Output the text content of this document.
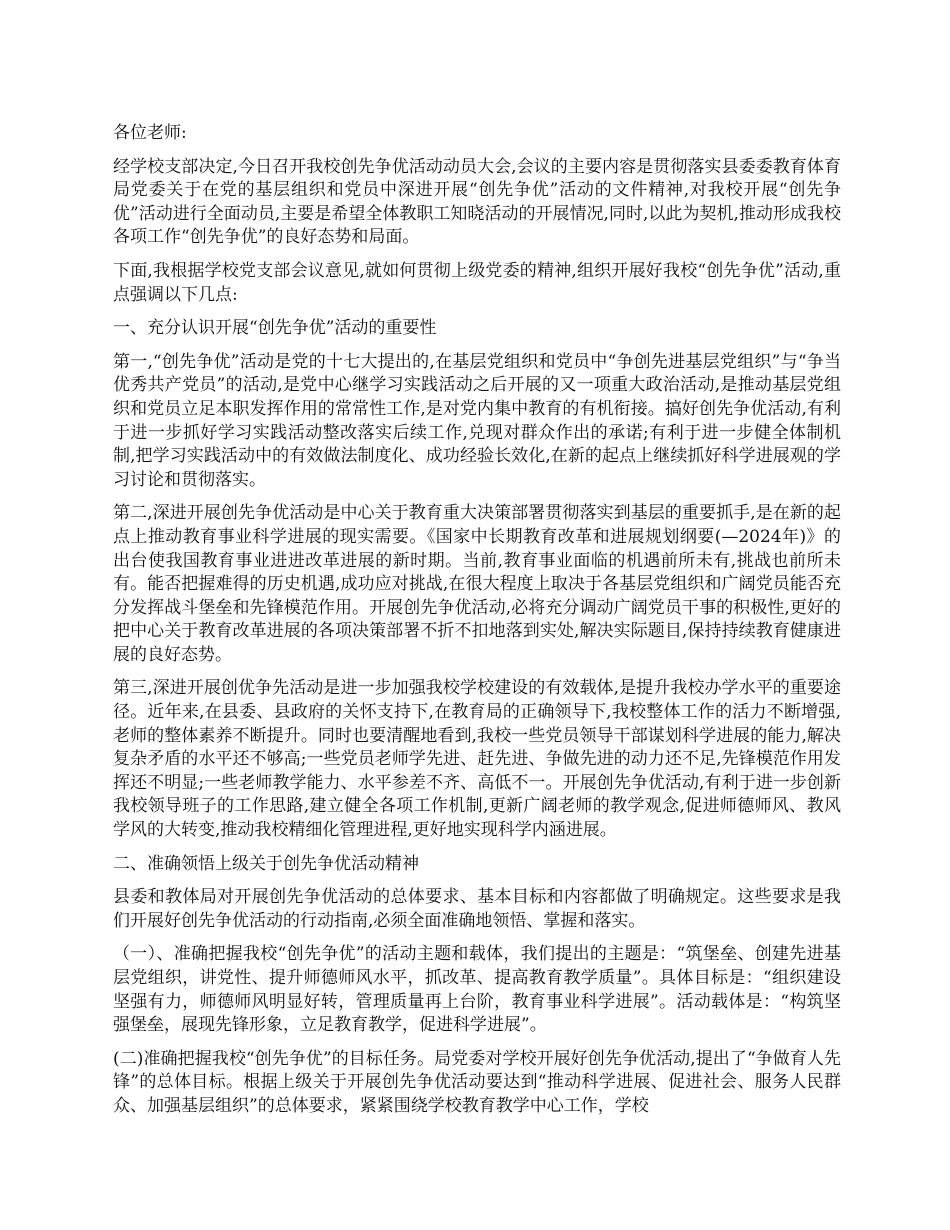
各位老师:

经学校支部决定,今日召开我校创先争优活动动员大会,会议的主要内容是贯彻落实县委委教育体育局党委关于在党的基层组织和党员中深进开展“创先争优”活动的文件精神,对我校开展“创先争优”活动进行全面动员,主要是希望全体教职工知晓活动的开展情况,同时,以此为契机,推动形成我校各项工作“创先争优”的良好态势和局面。

下面,我根据学校党支部会议意见,就如何贯彻上级党委的精神,组织开展好我校“创先争优”活动,重点强调以下几点:

一、充分认识开展“创先争优”活动的重要性

第一,“创先争优”活动是党的十七大提出的,在基层党组织和党员中“争创先进基层党组织”与“争当优秀共产党员”的活动,是党中心继学习实践活动之后开展的又一项重大政治活动,是推动基层党组织和党员立足本职发挥作用的常常性工作,是对党内集中教育的有机衔接。搞好创先争优活动,有利于进一步抓好学习实践活动整改落实后续工作,兑现对群众作出的承诺;有利于进一步健全体制机制,把学习实践活动中的有效做法制度化、成功经验长效化,在新的起点上继续抓好科学进展观的学习讨论和贯彻落实。

第二,深进开展创先争优活动是中心关于教育重大决策部署贯彻落实到基层的重要抓手,是在新的起点上推动教育事业科学进展的现实需要。《国家中长期教育改革和进展规划纲要(—2024年)》的出台使我国教育事业进进改革进展的新时期。当前,教育事业面临的机遇前所未有,挑战也前所未有。能否把握难得的历史机遇,成功应对挑战,在很大程度上取决于各基层党组织和广阔党员能否充分发挥战斗堡垒和先锋模范作用。开展创先争优活动,必将充分调动广阔党员干事的积极性,更好的把中心关于教育改革进展的各项决策部署不折不扣地落到实处,解决实际题目,保持持续教育健康进展的良好态势。

第三,深进开展创优争先活动是进一步加强我校学校建设的有效载体,是提升我校办学水平的重要途径。近年来,在县委、县政府的关怀支持下,在教育局的正确领导下,我校整体工作的活力不断增强,老师的整体素养不断提升。同时也要清醒地看到,我校一些党员领导干部谋划科学进展的能力,解决复杂矛盾的水平还不够高;一些党员老师学先进、赶先进、争做先进的动力还不足,先锋模范作用发挥还不明显;一些老师教学能力、水平参差不齐、高低不一。开展创先争优活动,有利于进一步创新我校领导班子的工作思路,建立健全各项工作机制,更新广阔老师的教学观念,促进师德师风、教风学风的大转变,推动我校精细化管理进程,更好地实现科学内涵进展。

二、准确领悟上级关于创先争优活动精神

县委和教体局对开展创先争优活动的总体要求、基本目标和内容都做了明确规定。这些要求是我们开展好创先争优活动的行动指南,必须全面准确地领悟、掌握和落实。

（一）、准确把握我校“创先争优”的活动主题和载体，我们提出的主题是：“筑堡垒、创建先进基层党组织，讲党性、提升师德师风水平，抓改革、提高教育教学质量”。具体目标是：“组织建设坚强有力，师德师风明显好转，管理质量再上台阶，教育事业科学进展”。活动载体是：“构筑坚强堡垒，展现先锋形象，立足教育教学，促进科学进展”。

(二)准确把握我校“创先争优”的目标任务。局党委对学校开展好创先争优活动,提出了“争做育人先锋”的总体目标。根据上级关于开展创先争优活动要达到“推动科学进展、促进社会、服务人民群众、加强基层组织”的总体要求，紧紧围绕学校教育教学中心工作，学校
